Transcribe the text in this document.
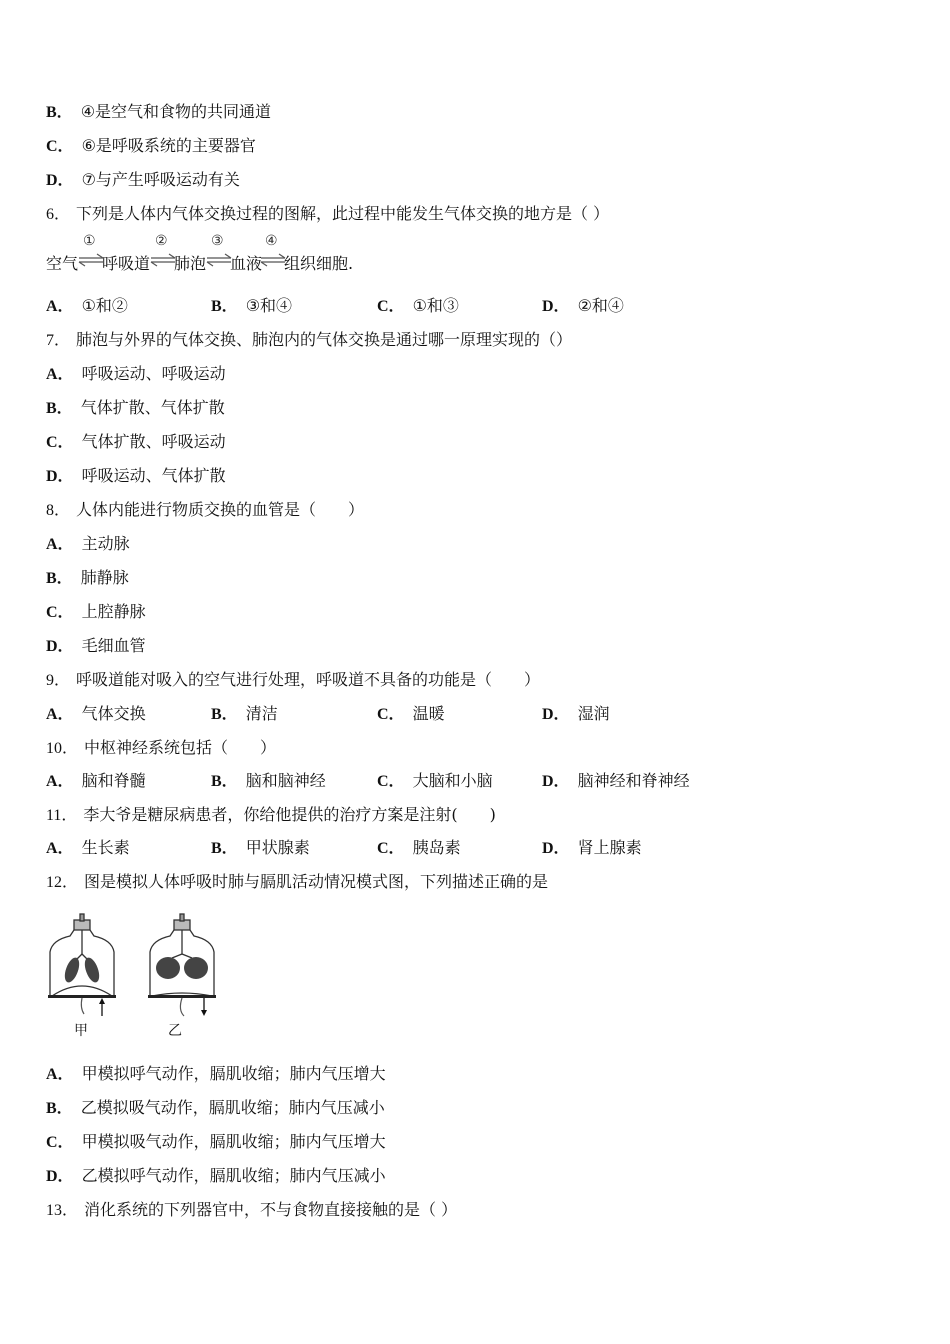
B． ④是空气和食物的共同通道
C． ⑥是呼吸系统的主要器官
D． ⑦与产生呼吸运动有关
6． 下列是人体内气体交换过程的图解，此过程中能发生气体交换的地方是（ ）
空气
①
呼吸道
②
肺泡
③
血液
④
组织细胞.
A． ①和②	B． ③和④	C． ①和③	D． ②和④
7． 肺泡与外界的气体交换、肺泡内的气体交换是通过哪一原理实现的（）
A． 呼吸运动、呼吸运动
B． 气体扩散、气体扩散
C． 气体扩散、呼吸运动
D． 呼吸运动、气体扩散
8． 人体内能进行物质交换的血管是（　　）
A． 主动脉
B． 肺静脉
C． 上腔静脉
D． 毛细血管
9． 呼吸道能对吸入的空气进行处理，呼吸道不具备的功能是（　　）
A． 气体交换	B． 清洁	C． 温暖	D． 湿润
10． 中枢神经系统包括（　　）
A． 脑和脊髓	B． 脑和脑神经	C． 大脑和小脑	D． 脑神经和脊神经
11． 李大爷是糖尿病患者，你给他提供的治疗方案是注射(　　)
A． 生长素	B． 甲状腺素	C． 胰岛素	D． 肾上腺素
12． 图是模拟人体呼吸时肺与膈肌活动情况模式图，下列描述正确的是
甲	乙
A． 甲模拟呼气动作，膈肌收缩；肺内气压增大
B． 乙模拟吸气动作，膈肌收缩；肺内气压减小
C． 甲模拟吸气动作，膈肌收缩；肺内气压增大
D． 乙模拟呼气动作，膈肌收缩；肺内气压减小
13． 消化系统的下列器官中，不与食物直接接触的是（ ）
